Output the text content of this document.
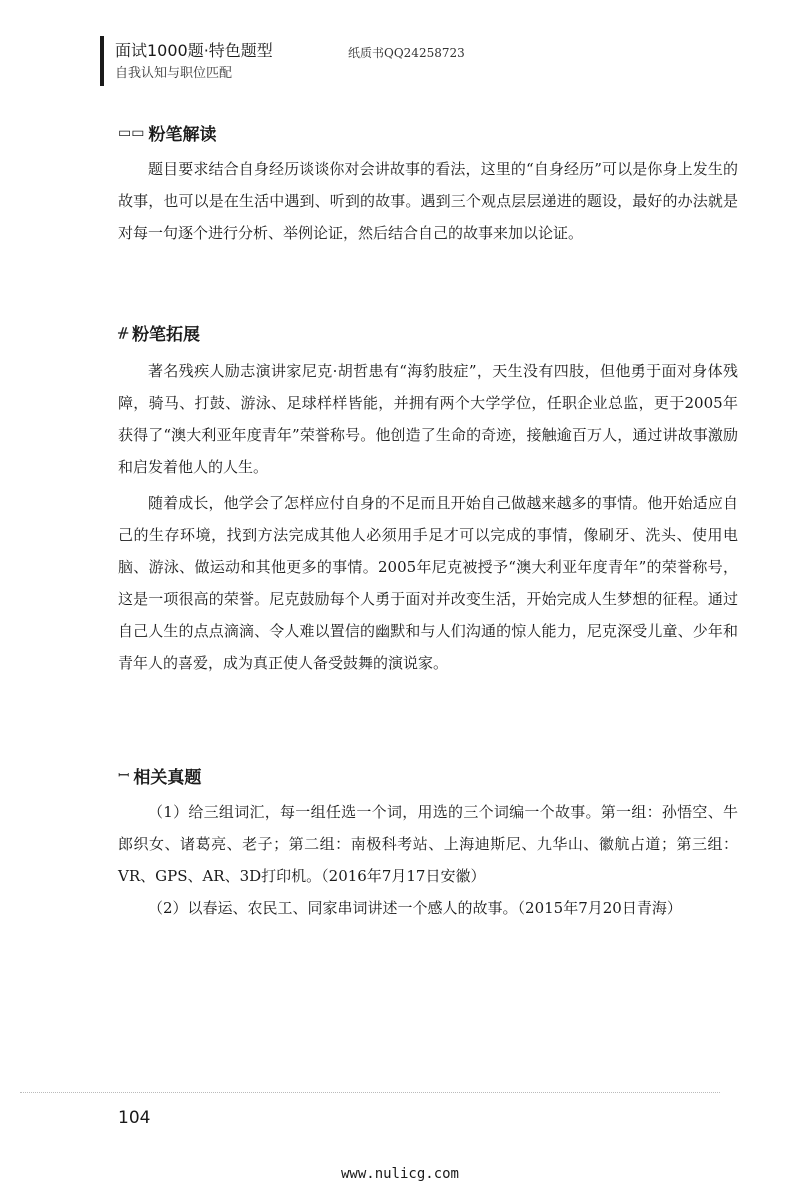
面试1000题·特色题型
自我认知与职位匹配
纸质书QQ24258723
▭▭ 粉笔解读

题目要求结合自身经历谈谈你对会讲故事的看法，这里的“自身经历”可以是你身上发生的故事，也可以是在生活中遇到、听到的故事。遇到三个观点层层递进的题设，最好的办法就是对每一句逐个进行分析、举例论证，然后结合自己的故事来加以论证。

ᚌ 粉笔拓展

著名残疾人励志演讲家尼克·胡哲患有“海豹肢症”，天生没有四肢，但他勇于面对身体残障，骑马、打鼓、游泳、足球样样皆能，并拥有两个大学学位，任职企业总监，更于2005年获得了“澳大利亚年度青年”荣誉称号。他创造了生命的奇迹，接触逾百万人，通过讲故事激励和启发着他人的人生。

随着成长，他学会了怎样应付自身的不足而且开始自己做越来越多的事情。他开始适应自己的生存环境，找到方法完成其他人必须用手足才可以完成的事情，像刷牙、洗头、使用电脑、游泳、做运动和其他更多的事情。2005年尼克被授予“澳大利亚年度青年”的荣誉称号，这是一项很高的荣誉。尼克鼓励每个人勇于面对并改变生活，开始完成人生梦想的征程。通过自己人生的点点滴滴、令人难以置信的幽默和与人们沟通的惊人能力，尼克深受儿童、少年和青年人的喜爱，成为真正使人备受鼓舞的演说家。

ꟷ 相关真题

（1）给三组词汇，每一组任选一个词，用选的三个词编一个故事。第一组：孙悟空、牛郎织女、诸葛亮、老子；第二组：南极科考站、上海迪斯尼、九华山、徽航占道；第三组：VR、GPS、AR、3D打印机。（2016年7月17日安徽）

（2）以春运、农民工、同家串词讲述一个感人的故事。（2015年7月20日青海）

104
www.nulicg.com
